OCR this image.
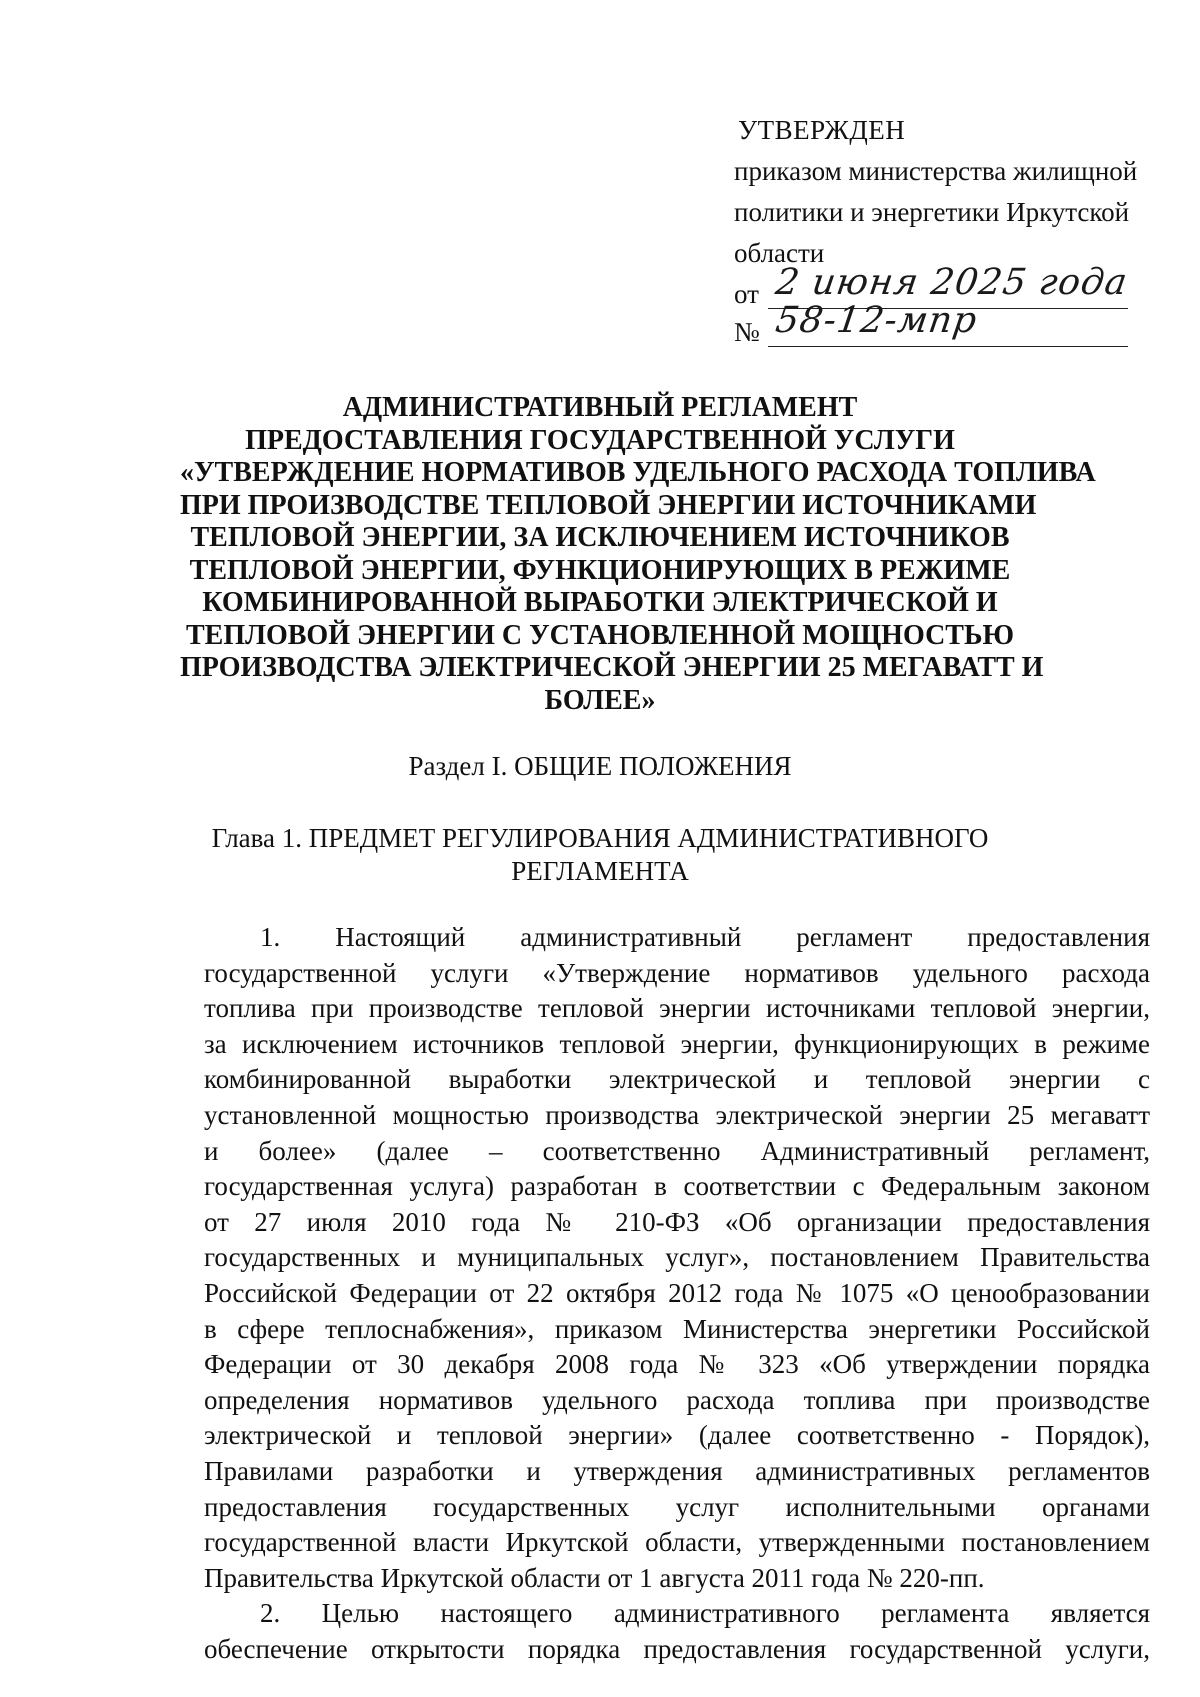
УТВЕРЖДЕН
приказом министерства жилищной
политики и энергетики Иркутской
области
от 2 июня 2025 года
№ 58-12-мпр
АДМИНИСТРАТИВНЫЙ РЕГЛАМЕНТ
ПРЕДОСТАВЛЕНИЯ ГОСУДАРСТВЕННОЙ УСЛУГИ
«УТВЕРЖДЕНИЕ НОРМАТИВОВ УДЕЛЬНОГО РАСХОДА ТОПЛИВА
ПРИ ПРОИЗВОДСТВЕ ТЕПЛОВОЙ ЭНЕРГИИ ИСТОЧНИКАМИ
ТЕПЛОВОЙ ЭНЕРГИИ, ЗА ИСКЛЮЧЕНИЕМ ИСТОЧНИКОВ
ТЕПЛОВОЙ ЭНЕРГИИ, ФУНКЦИОНИРУЮЩИХ В РЕЖИМЕ
КОМБИНИРОВАННОЙ ВЫРАБОТКИ ЭЛЕКТРИЧЕСКОЙ И
ТЕПЛОВОЙ ЭНЕРГИИ С УСТАНОВЛЕННОЙ МОЩНОСТЬЮ
ПРОИЗВОДСТВА ЭЛЕКТРИЧЕСКОЙ ЭНЕРГИИ 25 МЕГАВАТТ И
БОЛЕЕ»
Раздел I. ОБЩИЕ ПОЛОЖЕНИЯ
Глава 1. ПРЕДМЕТ РЕГУЛИРОВАНИЯ АДМИНИСТРАТИВНОГО
РЕГЛАМЕНТА
1. Настоящий административный регламент предоставления
государственной услуги «Утверждение нормативов удельного расхода
топлива при производстве тепловой энергии источниками тепловой энергии,
за исключением источников тепловой энергии, функционирующих в режиме
комбинированной выработки электрической и тепловой энергии с
установленной мощностью производства электрической энергии 25 мегаватт
и более» (далее – соответственно Административный регламент,
государственная услуга) разработан в соответствии с Федеральным законом
от 27 июля 2010 года № 210-ФЗ «Об организации предоставления
государственных и муниципальных услуг», постановлением Правительства
Российской Федерации от 22 октября 2012 года № 1075 «О ценообразовании
в сфере теплоснабжения», приказом Министерства энергетики Российской
Федерации от 30 декабря 2008 года № 323 «Об утверждении порядка
определения нормативов удельного расхода топлива при производстве
электрической и тепловой энергии» (далее соответственно - Порядок),
Правилами разработки и утверждения административных регламентов
предоставления государственных услуг исполнительными органами
государственной власти Иркутской области, утвержденными постановлением
Правительства Иркутской области от 1 августа 2011 года № 220-пп.
2. Целью настоящего административного регламента является
обеспечение открытости порядка предоставления государственной услуги,
